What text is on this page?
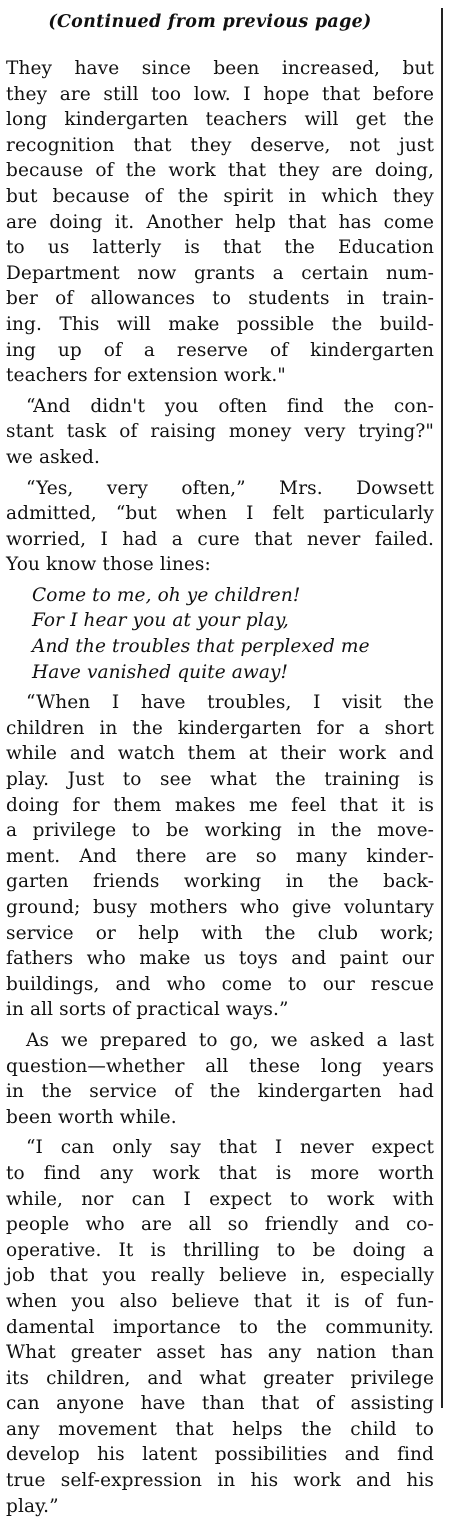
(Continued from previous page)
They have since been increased, but
they are still too low. I hope that before
long kindergarten teachers will get the
recognition that they deserve, not just
because of the work that they are doing,
but because of the spirit in which they
are doing it. Another help that has come
to us latterly is that the Education
Department now grants a certain num-
ber of allowances to students in train-
ing. This will make possible the build-
ing up of a reserve of kindergarten
teachers for extension work."
“And didn't you often find the con-
stant task of raising money very trying?"
we asked.
“Yes, very often,” Mrs. Dowsett
admitted, “but when I felt particularly
worried, I had a cure that never failed.
You know those lines:
Come to me, oh ye children!
For I hear you at your play,
And the troubles that perplexed me
Have vanished quite away!
“When I have troubles, I visit the
children in the kindergarten for a short
while and watch them at their work and
play. Just to see what the training is
doing for them makes me feel that it is
a privilege to be working in the move-
ment. And there are so many kinder-
garten friends working in the back-
ground; busy mothers who give voluntary
service or help with the club work;
fathers who make us toys and paint our
buildings, and who come to our rescue
in all sorts of practical ways.”
As we prepared to go, we asked a last
question—whether all these long years
in the service of the kindergarten had
been worth while.
“I can only say that I never expect
to find any work that is more worth
while, nor can I expect to work with
people who are all so friendly and co-
operative. It is thrilling to be doing a
job that you really believe in, especially
when you also believe that it is of fun-
damental importance to the community.
What greater asset has any nation than
its children, and what greater privilege
can anyone have than that of assisting
any movement that helps the child to
develop his latent possibilities and find
true self-expression in his work and his
play.”
